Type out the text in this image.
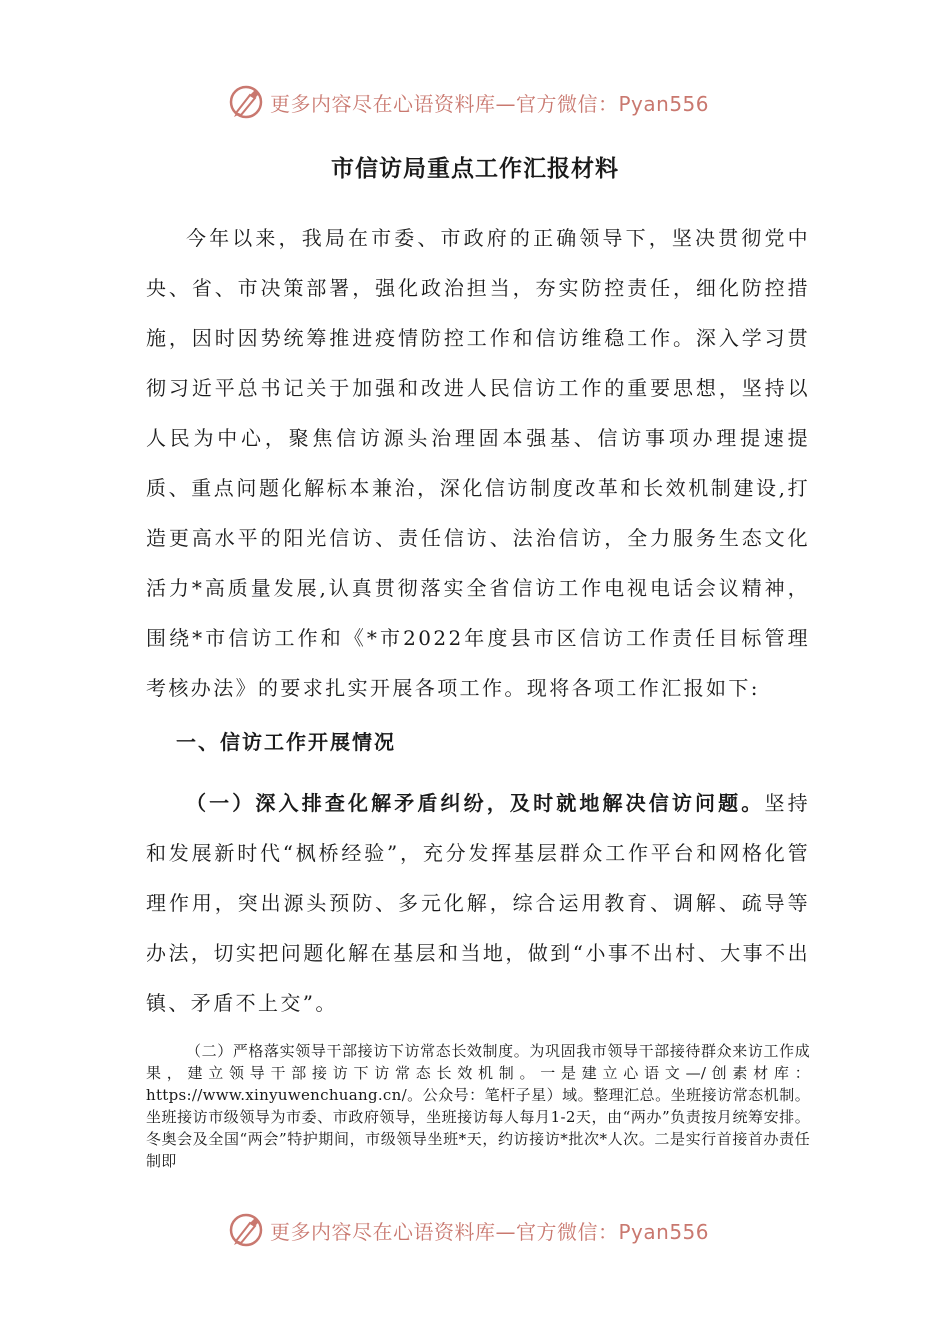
更多内容尽在心语资料库—官方微信：Pyan556
市信访局重点工作汇报材料
今年以来，我局在市委、市政府的正确领导下，坚决贯彻党中央、省、市决策部署，强化政治担当，夯实防控责任，细化防控措施，因时因势统筹推进疫情防控工作和信访维稳工作。深入学习贯彻习近平总书记关于加强和改进人民信访工作的重要思想，坚持以人民为中心，聚焦信访源头治理固本强基、信访事项办理提速提质、重点问题化解标本兼治，深化信访制度改革和长效机制建设,打造更高水平的阳光信访、责任信访、法治信访，全力服务生态文化活力*高质量发展,认真贯彻落实全省信访工作电视电话会议精神，围绕*市信访工作和《*市2022年度县市区信访工作责任目标管理考核办法》的要求扎实开展各项工作。现将各项工作汇报如下:
一、信访工作开展情况
（一）深入排查化解矛盾纠纷，及时就地解决信访问题。坚持和发展新时代“枫桥经验”，充分发挥基层群众工作平台和网格化管理作用，突出源头预防、多元化解，综合运用教育、调解、疏导等办法，切实把问题化解在基层和当地，做到“小事不出村、大事不出镇、矛盾不上交”。
（二）严格落实领导干部接访下访常态长效制度。为巩固我市领导干部接待群众来访工作成果，建立领导干部接访下访常态长效机制。一是建立心语文—/创素材库：https://www.xinyuwenchuang.cn/。公众号：笔杆子星）域。整理汇总。坐班接访常态机制。坐班接访市级领导为市委、市政府领导，坐班接访每人每月1-2天，由“两办”负责按月统筹安排。冬奥会及全国“两会”特护期间，市级领导坐班*天，约访接访*批次*人次。二是实行首接首办责任制即
更多内容尽在心语资料库—官方微信：Pyan556
